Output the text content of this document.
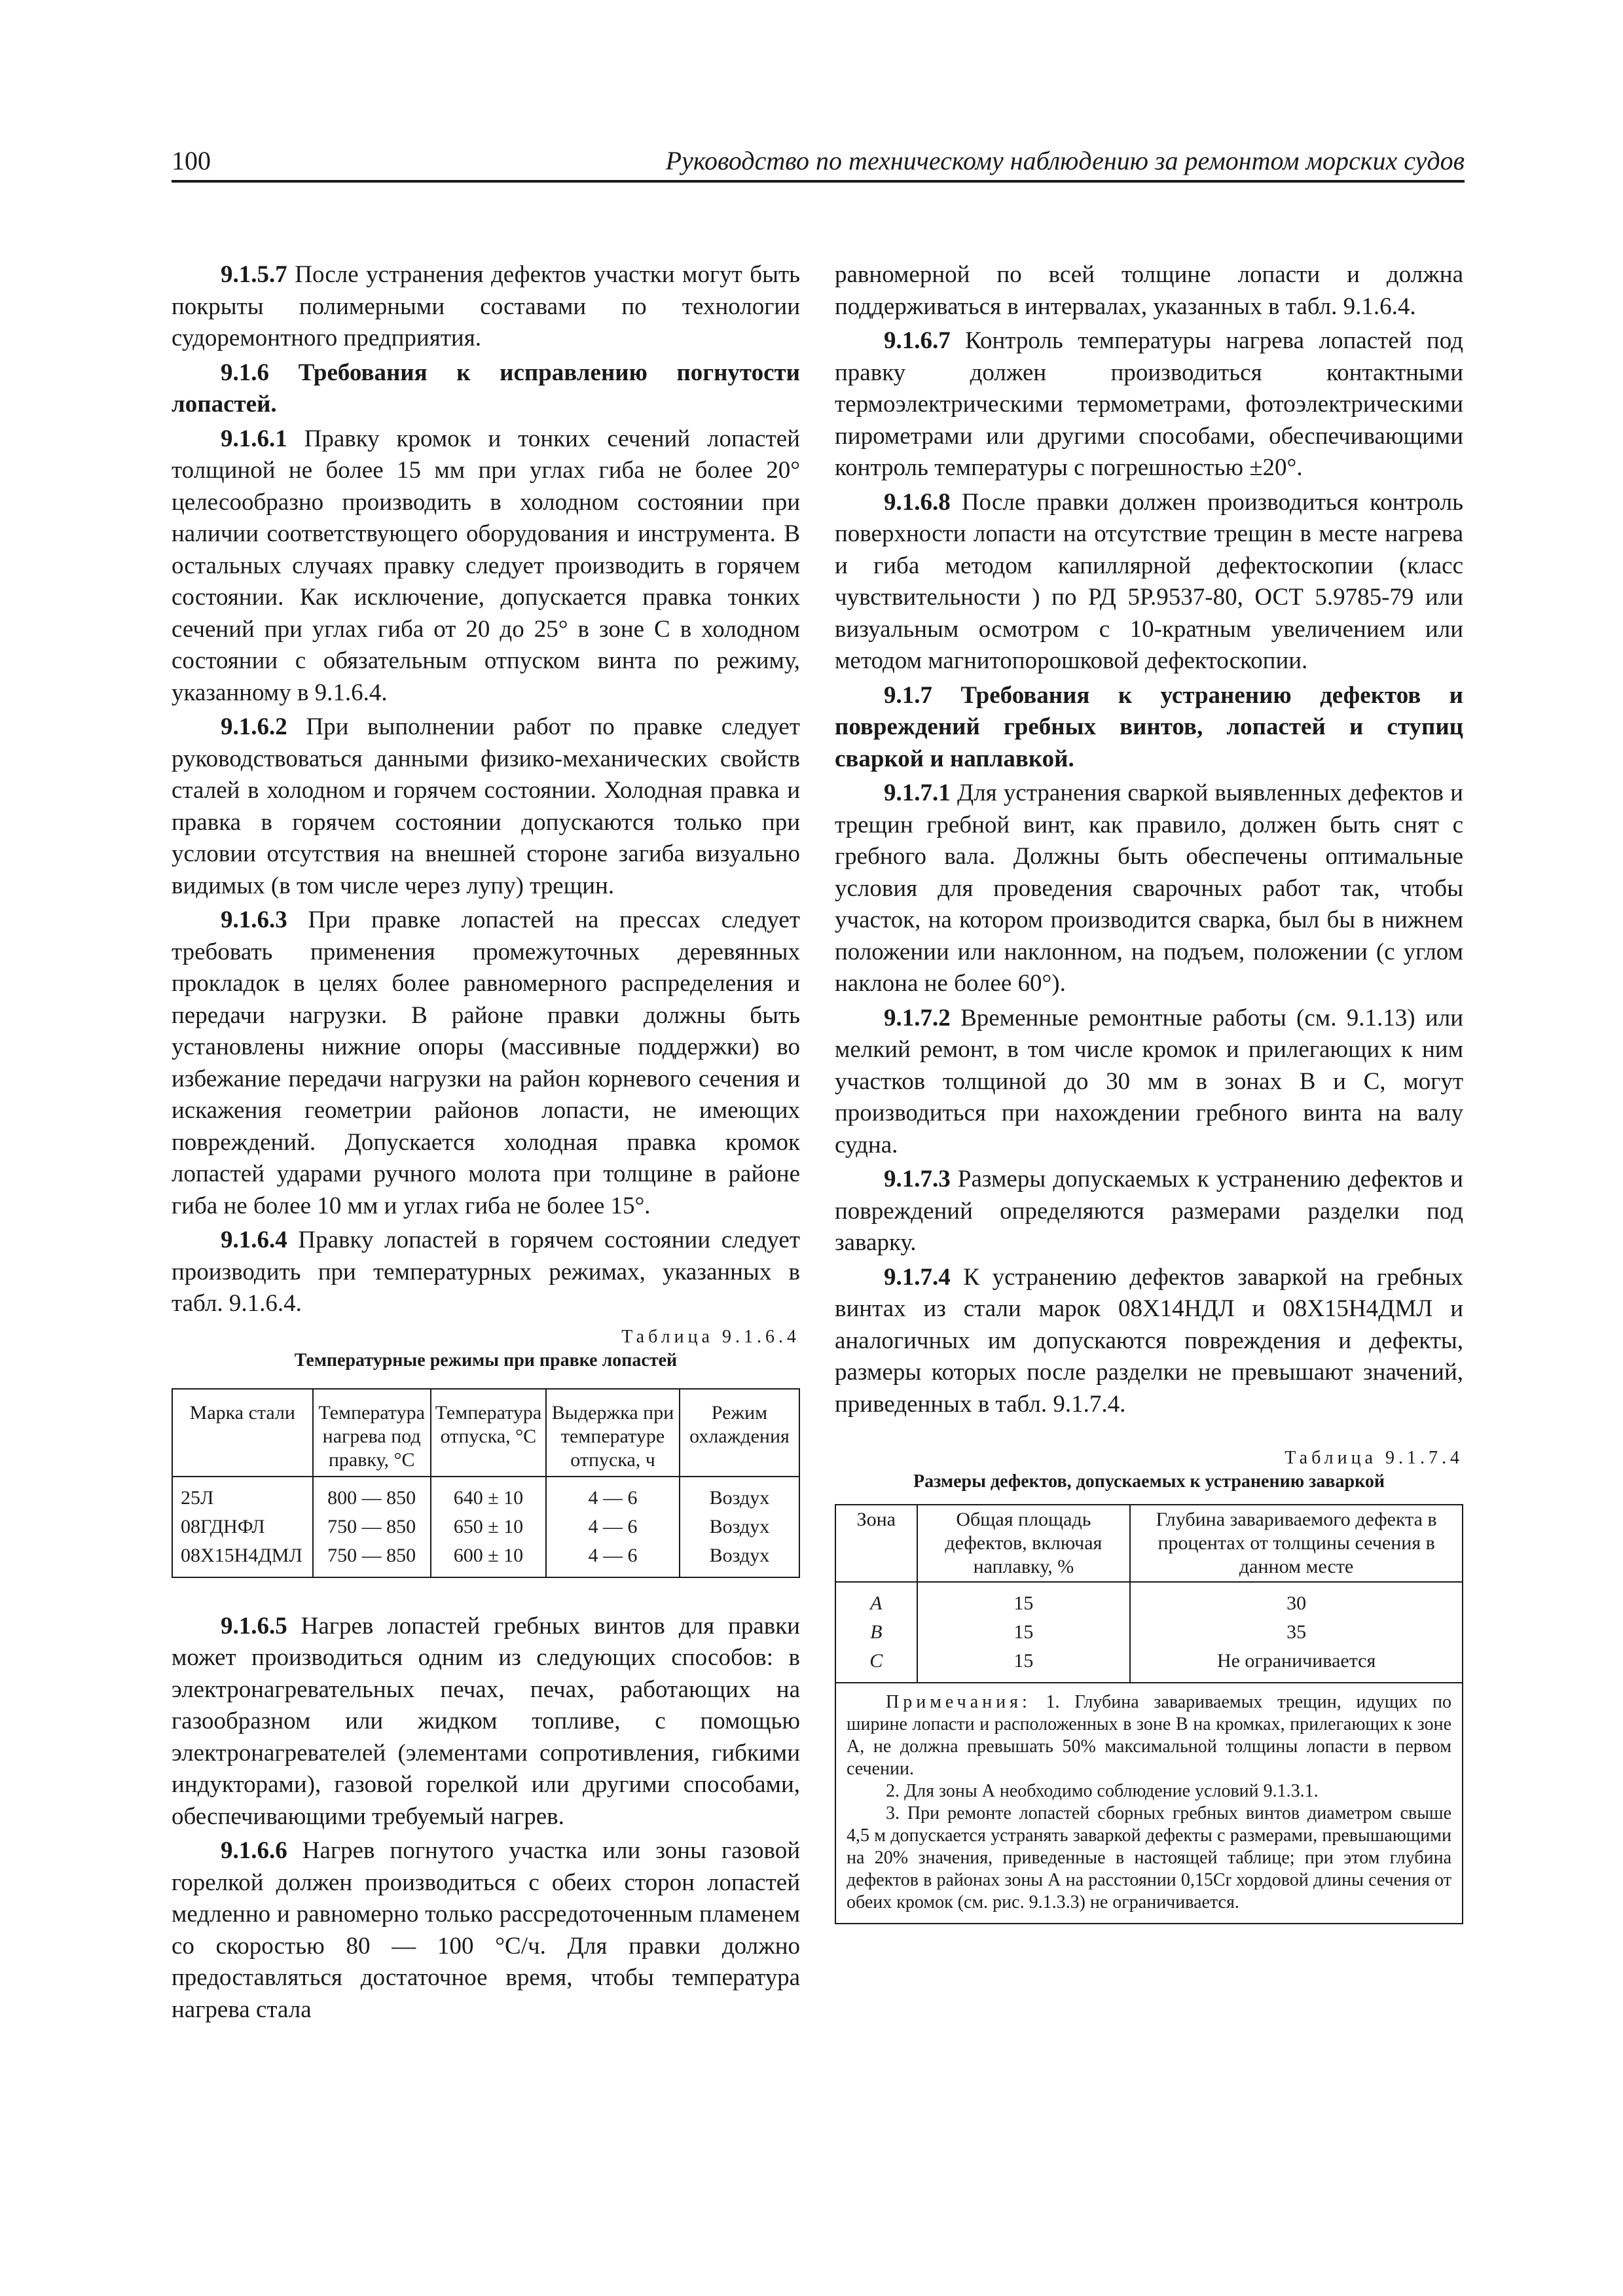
100	Руководство по техническому наблюдению за ремонтом морских судов

9.1.5.7 После устранения дефектов участки могут быть покрыты полимерными составами по технологии судоремонтного предприятия.

9.1.6 Требования к исправлению погнутости лопастей.

9.1.6.1 Правку кромок и тонких сечений лопастей толщиной не более 15 мм при углах гиба не более 20° целесообразно производить в холодном состоянии при наличии соответствующего оборудования и инструмента. В остальных случаях правку следует производить в горячем состоянии. Как исключение, допускается правка тонких сечений при углах гиба от 20 до 25° в зоне С в холодном состоянии с обязательным отпуском винта по режиму, указанному в 9.1.6.4.

9.1.6.2 При выполнении работ по правке следует руководствоваться данными физико-механических свойств сталей в холодном и горячем состоянии. Холодная правка и правка в горячем состоянии допускаются только при условии отсутствия на внешней стороне загиба визуально видимых (в том числе через лупу) трещин.

9.1.6.3 При правке лопастей на прессах следует требовать применения промежуточных деревянных прокладок в целях более равномерного распределения и передачи нагрузки. В районе правки должны быть установлены нижние опоры (массивные поддержки) во избежание передачи нагрузки на район корневого сечения и искажения геометрии районов лопасти, не имеющих повреждений. Допускается холодная правка кромок лопастей ударами ручного молота при толщине в районе гиба не более 10 мм и углах гиба не более 15°.

9.1.6.4 Правку лопастей в горячем состоянии следует производить при температурных режимах, указанных в табл. 9.1.6.4.

Таблица 9.1.6.4
Температурные режимы при правке лопастей
Марка стали	Температура нагрева под правку, °С	Температура отпуска, °С	Выдержка при температуре отпуска, ч	Режим охлаждения
25Л	800 — 850	640 ± 10	4 — 6	Воздух
08ГДНФЛ	750 — 850	650 ± 10	4 — 6	Воздух
08Х15Н4ДМЛ	750 — 850	600 ± 10	4 — 6	Воздух

9.1.6.5 Нагрев лопастей гребных винтов для правки может производиться одним из следующих способов: в электронагревательных печах, печах, работающих на газообразном или жидком топливе, с помощью электронагревателей (элементами сопротивления, гибкими индукторами), газовой горелкой или другими способами, обеспечивающими требуемый нагрев.

9.1.6.6 Нагрев погнутого участка или зоны газовой горелкой должен производиться с обеих сторон лопастей медленно и равномерно только рассредоточенным пламенем со скоростью 80 — 100 °С/ч. Для правки должно предоставляться достаточное время, чтобы температура нагрева стала

равномерной по всей толщине лопасти и должна поддерживаться в интервалах, указанных в табл. 9.1.6.4.

9.1.6.7 Контроль температуры нагрева лопастей под правку должен производиться контактными термоэлектрическими термометрами, фотоэлектрическими пирометрами или другими способами, обеспечивающими контроль температуры с погрешностью ±20°.

9.1.6.8 После правки должен производиться контроль поверхности лопасти на отсутствие трещин в месте нагрева и гиба методом капиллярной дефектоскопии (класс чувствительности ) по РД 5Р.9537-80, ОСТ 5.9785-79 или визуальным осмотром с 10-кратным увеличением или методом магнитопорошковой дефектоскопии.

9.1.7 Требования к устранению дефектов и повреждений гребных винтов, лопастей и ступиц сваркой и наплавкой.

9.1.7.1 Для устранения сваркой выявленных дефектов и трещин гребной винт, как правило, должен быть снят с гребного вала. Должны быть обеспечены оптимальные условия для проведения сварочных работ так, чтобы участок, на котором производится сварка, был бы в нижнем положении или наклонном, на подъем, положении (с углом наклона не более 60°).

9.1.7.2 Временные ремонтные работы (см. 9.1.13) или мелкий ремонт, в том числе кромок и прилегающих к ним участков толщиной до 30 мм в зонах В и С, могут производиться при нахождении гребного винта на валу судна.

9.1.7.3 Размеры допускаемых к устранению дефектов и повреждений определяются размерами разделки под заварку.

9.1.7.4 К устранению дефектов заваркой на гребных винтах из стали марок 08Х14НДЛ и 08Х15Н4ДМЛ и аналогичных им допускаются повреждения и дефекты, размеры которых после разделки не превышают значений, приведенных в табл. 9.1.7.4.

Таблица 9.1.7.4
Размеры дефектов, допускаемых к устранению заваркой
Зона	Общая площадь дефектов, включая наплавку, %	Глубина завариваемого дефекта в процентах от толщины сечения в данном месте
А	15	30
В	15	35
С	15	Не ограничивается

Примечания: 1. Глубина завариваемых трещин, идущих по ширине лопасти и расположенных в зоне В на кромках, прилегающих к зоне А, не должна превышать 50% максимальной толщины лопасти в первом сечении.

2. Для зоны А необходимо соблюдение условий 9.1.3.1.

3. При ремонте лопастей сборных гребных винтов диаметром свыше 4,5 м допускается устранять заваркой дефекты с размерами, превышающими на 20% значения, приведенные в настоящей таблице; при этом глубина дефектов в районах зоны А на расстоянии 0,15Сr хордовой длины сечения от обеих кромок (см. рис. 9.1.3.3) не ограничивается.
